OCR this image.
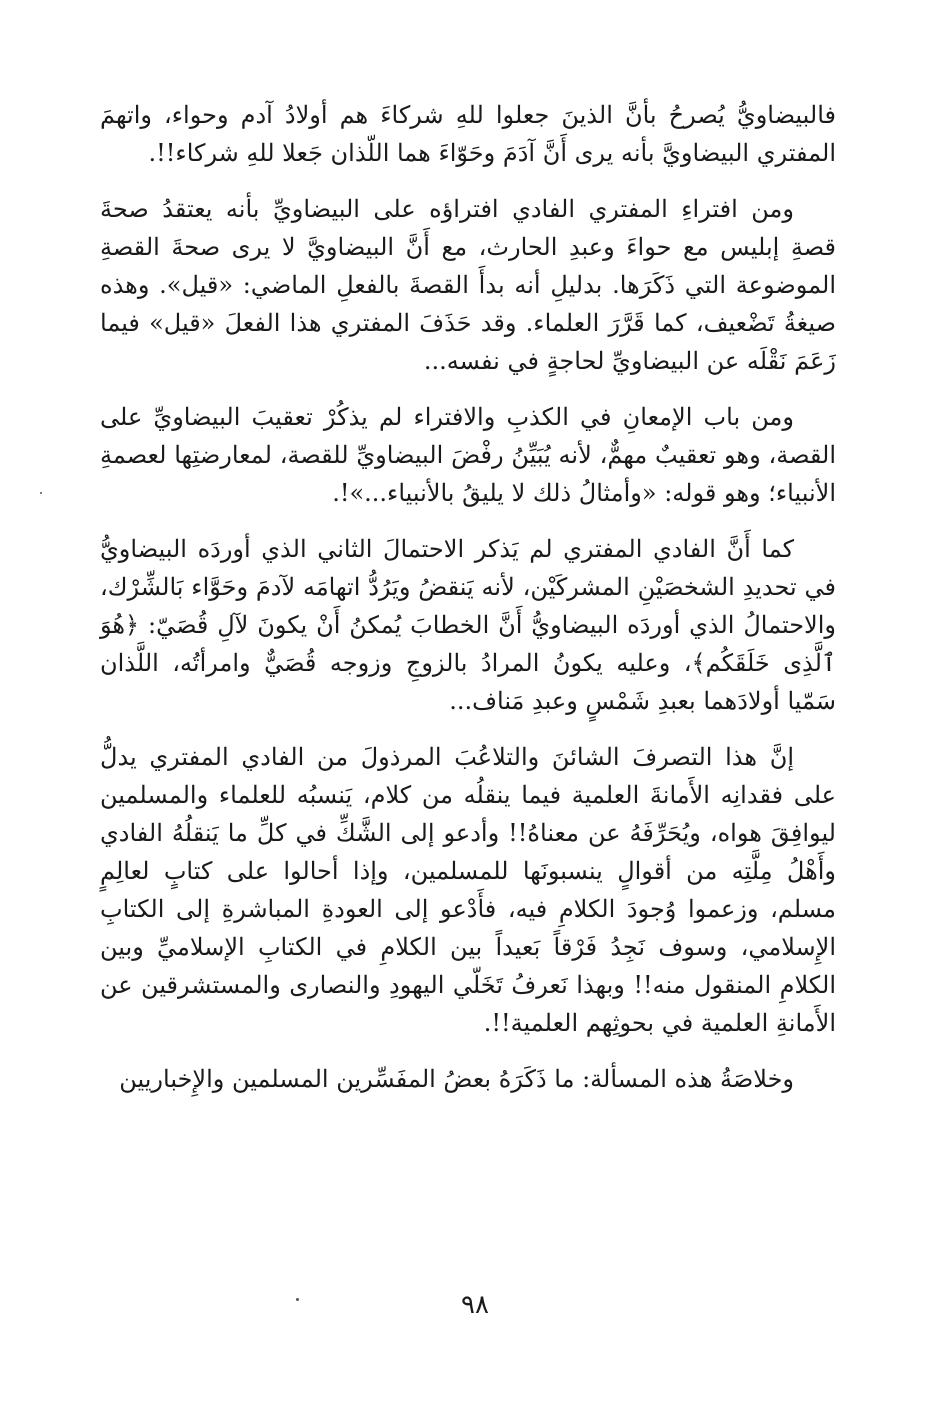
فالبيضاويُّ يُصرحُ بأنَّ الذينَ جعلوا للهِ شركاءَ هم أولادُ آدم وحواء، واتهمَ المفتري البيضاويَّ بأنه يرى أَنَّ آدَمَ وحَوّاءَ هما اللّذان جَعلا للهِ شركاء!!.

ومن افتراءِ المفتري الفادي افتراؤه على البيضاويِّ بأنه يعتقدُ صحةَ قصةِ إبليس مع حواءَ وعبدِ الحارث، مع أَنَّ البيضاويَّ لا يرى صحةَ القصةِ الموضوعة التي ذَكَرَها. بدليلِ أنه بدأَ القصةَ بالفعلِ الماضي: «قيل». وهذه صيغةُ تَضْعيف، كما قَرَّرَ العلماء. وقد حَذَفَ المفتري هذا الفعلَ «قيل» فيما زَعَمَ نَقْلَه عن البيضاويِّ لحاجةٍ في نفسه...

ومن باب الإمعانِ في الكذبِ والافتراء لم يذكُرْ تعقيبَ البيضاويِّ على القصة، وهو تعقيبٌ مهمٌّ، لأنه يُبَيِّنُ رفْضَ البيضاويِّ للقصة، لمعارضتِها لعصمةِ الأنبياء؛ وهو قوله: «وأمثالُ ذلك لا يليقُ بالأنبياء...»!.

كما أَنَّ الفادي المفتري لم يَذكر الاحتمالَ الثاني الذي أوردَه البيضاويُّ في تحديدِ الشخصَيْنِ المشركَيْن، لأنه يَنقضُ ويَرُدُّ اتهامَه لآدمَ وحَوَّاء بَالشِّرْك، والاحتمالُ الذي أوردَه البيضاويُّ أَنَّ الخطابَ يُمكنُ أَنْ يكونَ لآلِ قُصَيّ: ﴿هُوَ ٱلَّذِى خَلَقَكُم﴾، وعليه يكونُ المرادُ بالزوجِ وزوجه قُصَيٌّ وامرأتُه، اللَّذان سَمّيا أولادَهما بعبدِ شَمْسٍ وعبدِ مَناف...

إنَّ هذا التصرفَ الشائنَ والتلاعُبَ المرذولَ من الفادي المفتري يدلُّ على فقدانِه الأَمانةَ العلمية فيما ينقلُه من كلام، يَنسبُه للعلماء والمسلمين ليوافِقَ هواه، ويُحَرِّفَهُ عن معناهُ!! وأدعو إلى الشَّكِّ في كلِّ ما يَنقلُهُ الفادي وأَهْلُ مِلَّتِه من أقوالٍ ينسبونَها للمسلمين، وإذا أحالوا على كتابٍ لعالِمٍ مسلم، وزعموا وُجودَ الكلامِ فيه، فأَدْعو إلى العودةِ المباشرةِ إلى الكتابِ الإِسلامي، وسوف نَجِدُ فَرْقاً بَعيداً بين الكلامِ في الكتابِ الإسلاميِّ وبين الكلامِ المنقول منه!! وبهذا نَعرفُ تَخَلّي اليهودِ والنصارى والمستشرقين عن الأَمانةِ العلمية في بحوثِهم العلمية!!.

وخلاصَةُ هذه المسألة: ما ذَكَرَهُ بعضُ المفَسِّرين المسلمين والإِخباريين

٩٨
